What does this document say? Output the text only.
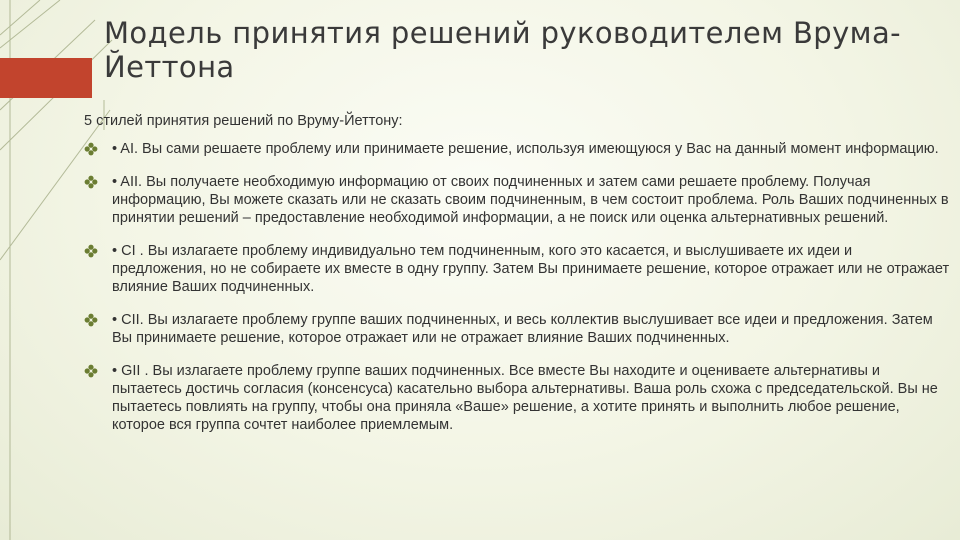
Модель принятия решений руководителем Врума-Йеттона

5 стилей принятия решений по Вруму-Йеттону:

• AI. Вы сами решаете проблему или принимаете решение, используя имеющуюся у Вас на данный момент информацию.
• AII. Вы получаете необходимую информацию от своих подчиненных и затем сами решаете проблему. Получая информацию, Вы можете сказать или не сказать своим подчиненным, в чем состоит проблема. Роль Ваших подчиненных в принятии решений – предоставление необходимой информации, а не поиск или оценка альтернативных решений.
• CI . Вы излагаете проблему индивидуально тем подчиненным, кого это касается, и выслушиваете их идеи и предложения, но не собираете их вместе в одну группу. Затем Вы принимаете решение, которое отражает или не отражает влияние Ваших подчиненных.
• CII. Вы излагаете проблему группе ваших подчиненных, и весь коллектив выслушивает все идеи и предложения. Затем Вы принимаете решение, которое отражает или не отражает влияние Ваших подчиненных.
• GII . Вы излагаете проблему группе ваших подчиненных. Все вместе Вы находите и оцениваете альтернативы и пытаетесь достичь согласия (консенсуса) касательно выбора альтернативы. Ваша роль схожа с председательской. Вы не пытаетесь повлиять на группу, чтобы она приняла «Ваше» решение, а хотите принять и выполнить любое решение, которое вся группа сочтет наиболее приемлемым.
